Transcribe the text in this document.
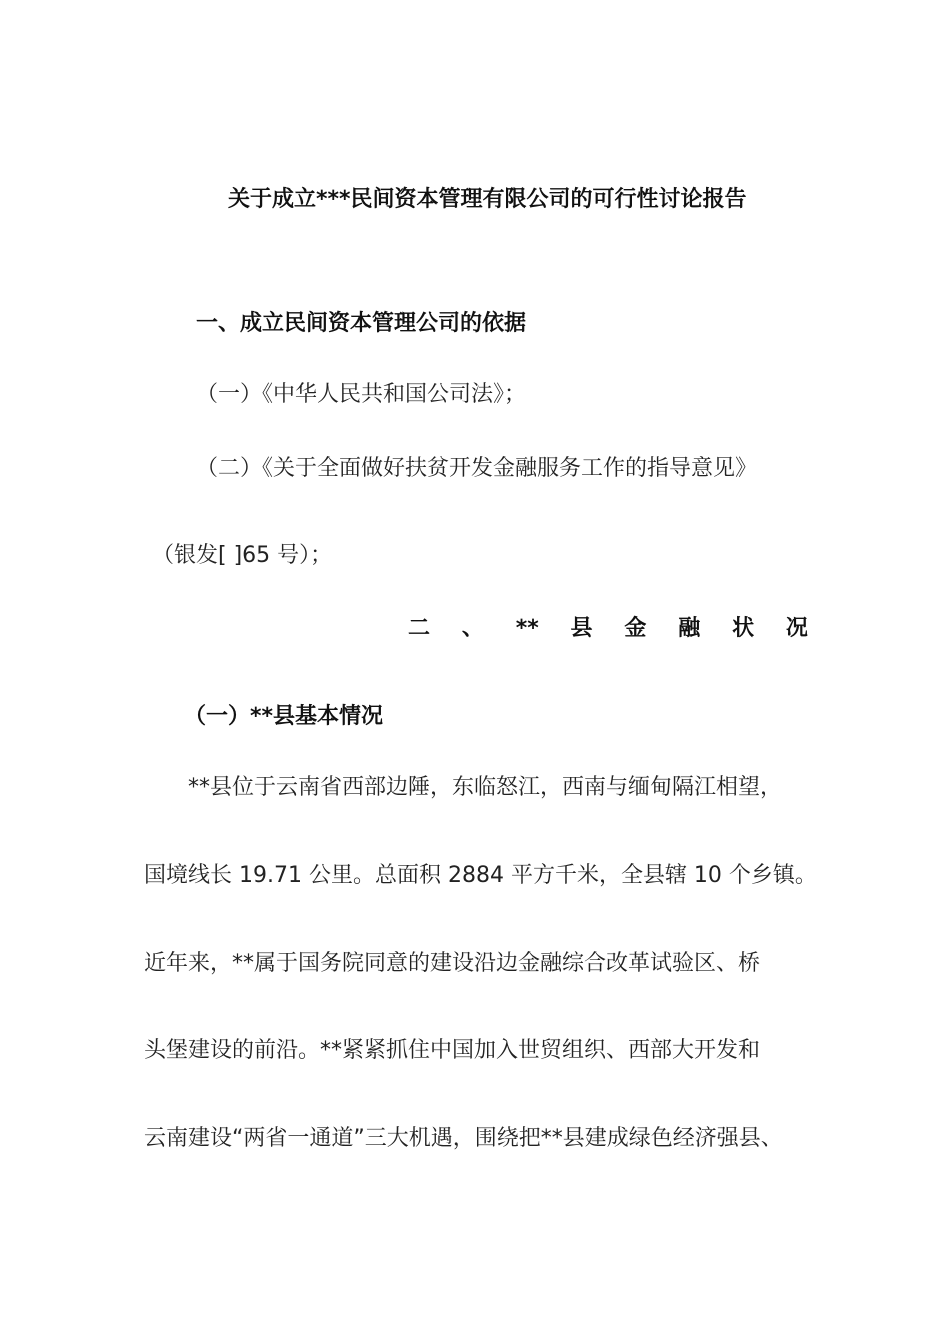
关于成立***民间资本管理有限公司的可行性讨论报告
一、成立民间资本管理公司的依据
（一）《中华人民共和国公司法》；
（二）《关于全面做好扶贫开发金融服务工作的指导意见》
（银发[ ]65 号）；
二 、 ** 县 金 融 状 况
（一）**县基本情况
**县位于云南省西部边陲，东临怒江，西南与缅甸隔江相望，
国境线长 19.71 公里。总面积 2884 平方千米，全县辖 10 个乡镇。
近年来，**属于国务院同意的建设沿边金融综合改革试验区、桥
头堡建设的前沿。**紧紧抓住中国加入世贸组织、西部大开发和
云南建设“两省一通道”三大机遇，围绕把**县建成绿色经济强县、
